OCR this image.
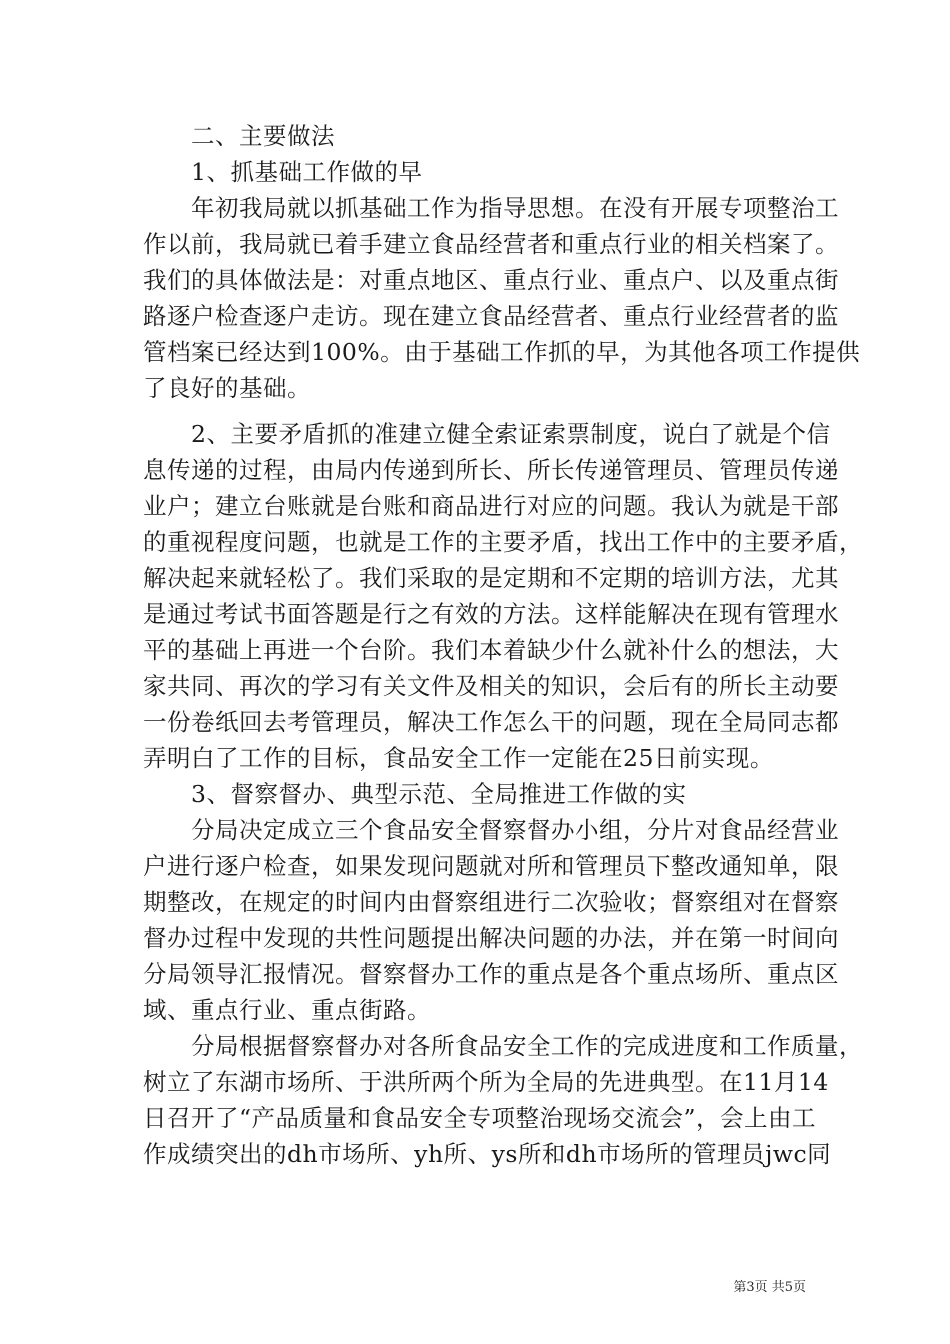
二、主要做法
1、抓基础工作做的早
年初我局就以抓基础工作为指导思想。在没有开展专项整治工
作以前，我局就已着手建立食品经营者和重点行业的相关档案了。
我们的具体做法是：对重点地区、重点行业、重点户、以及重点街
路逐户检查逐户走访。现在建立食品经营者、重点行业经营者的监
管档案已经达到100%。由于基础工作抓的早，为其他各项工作提供
了良好的基础。
2、主要矛盾抓的准建立健全索证索票制度，说白了就是个信
息传递的过程，由局内传递到所长、所长传递管理员、管理员传递
业户；建立台账就是台账和商品进行对应的问题。我认为就是干部
的重视程度问题，也就是工作的主要矛盾，找出工作中的主要矛盾，
解决起来就轻松了。我们采取的是定期和不定期的培训方法，尤其
是通过考试书面答题是行之有效的方法。这样能解决在现有管理水
平的基础上再进一个台阶。我们本着缺少什么就补什么的想法，大
家共同、再次的学习有关文件及相关的知识，会后有的所长主动要
一份卷纸回去考管理员，解决工作怎么干的问题，现在全局同志都
弄明白了工作的目标，食品安全工作一定能在25日前实现。
3、督察督办、典型示范、全局推进工作做的实
分局决定成立三个食品安全督察督办小组，分片对食品经营业
户进行逐户检查，如果发现问题就对所和管理员下整改通知单，限
期整改，在规定的时间内由督察组进行二次验收；督察组对在督察
督办过程中发现的共性问题提出解决问题的办法，并在第一时间向
分局领导汇报情况。督察督办工作的重点是各个重点场所、重点区
域、重点行业、重点街路。
分局根据督察督办对各所食品安全工作的完成进度和工作质量，
树立了东湖市场所、于洪所两个所为全局的先进典型。在11月14
日召开了“产品质量和食品安全专项整治现场交流会”，会上由工
作成绩突出的dh市场所、yh所、ys所和dh市场所的管理员jwc同
第3页 共5页
